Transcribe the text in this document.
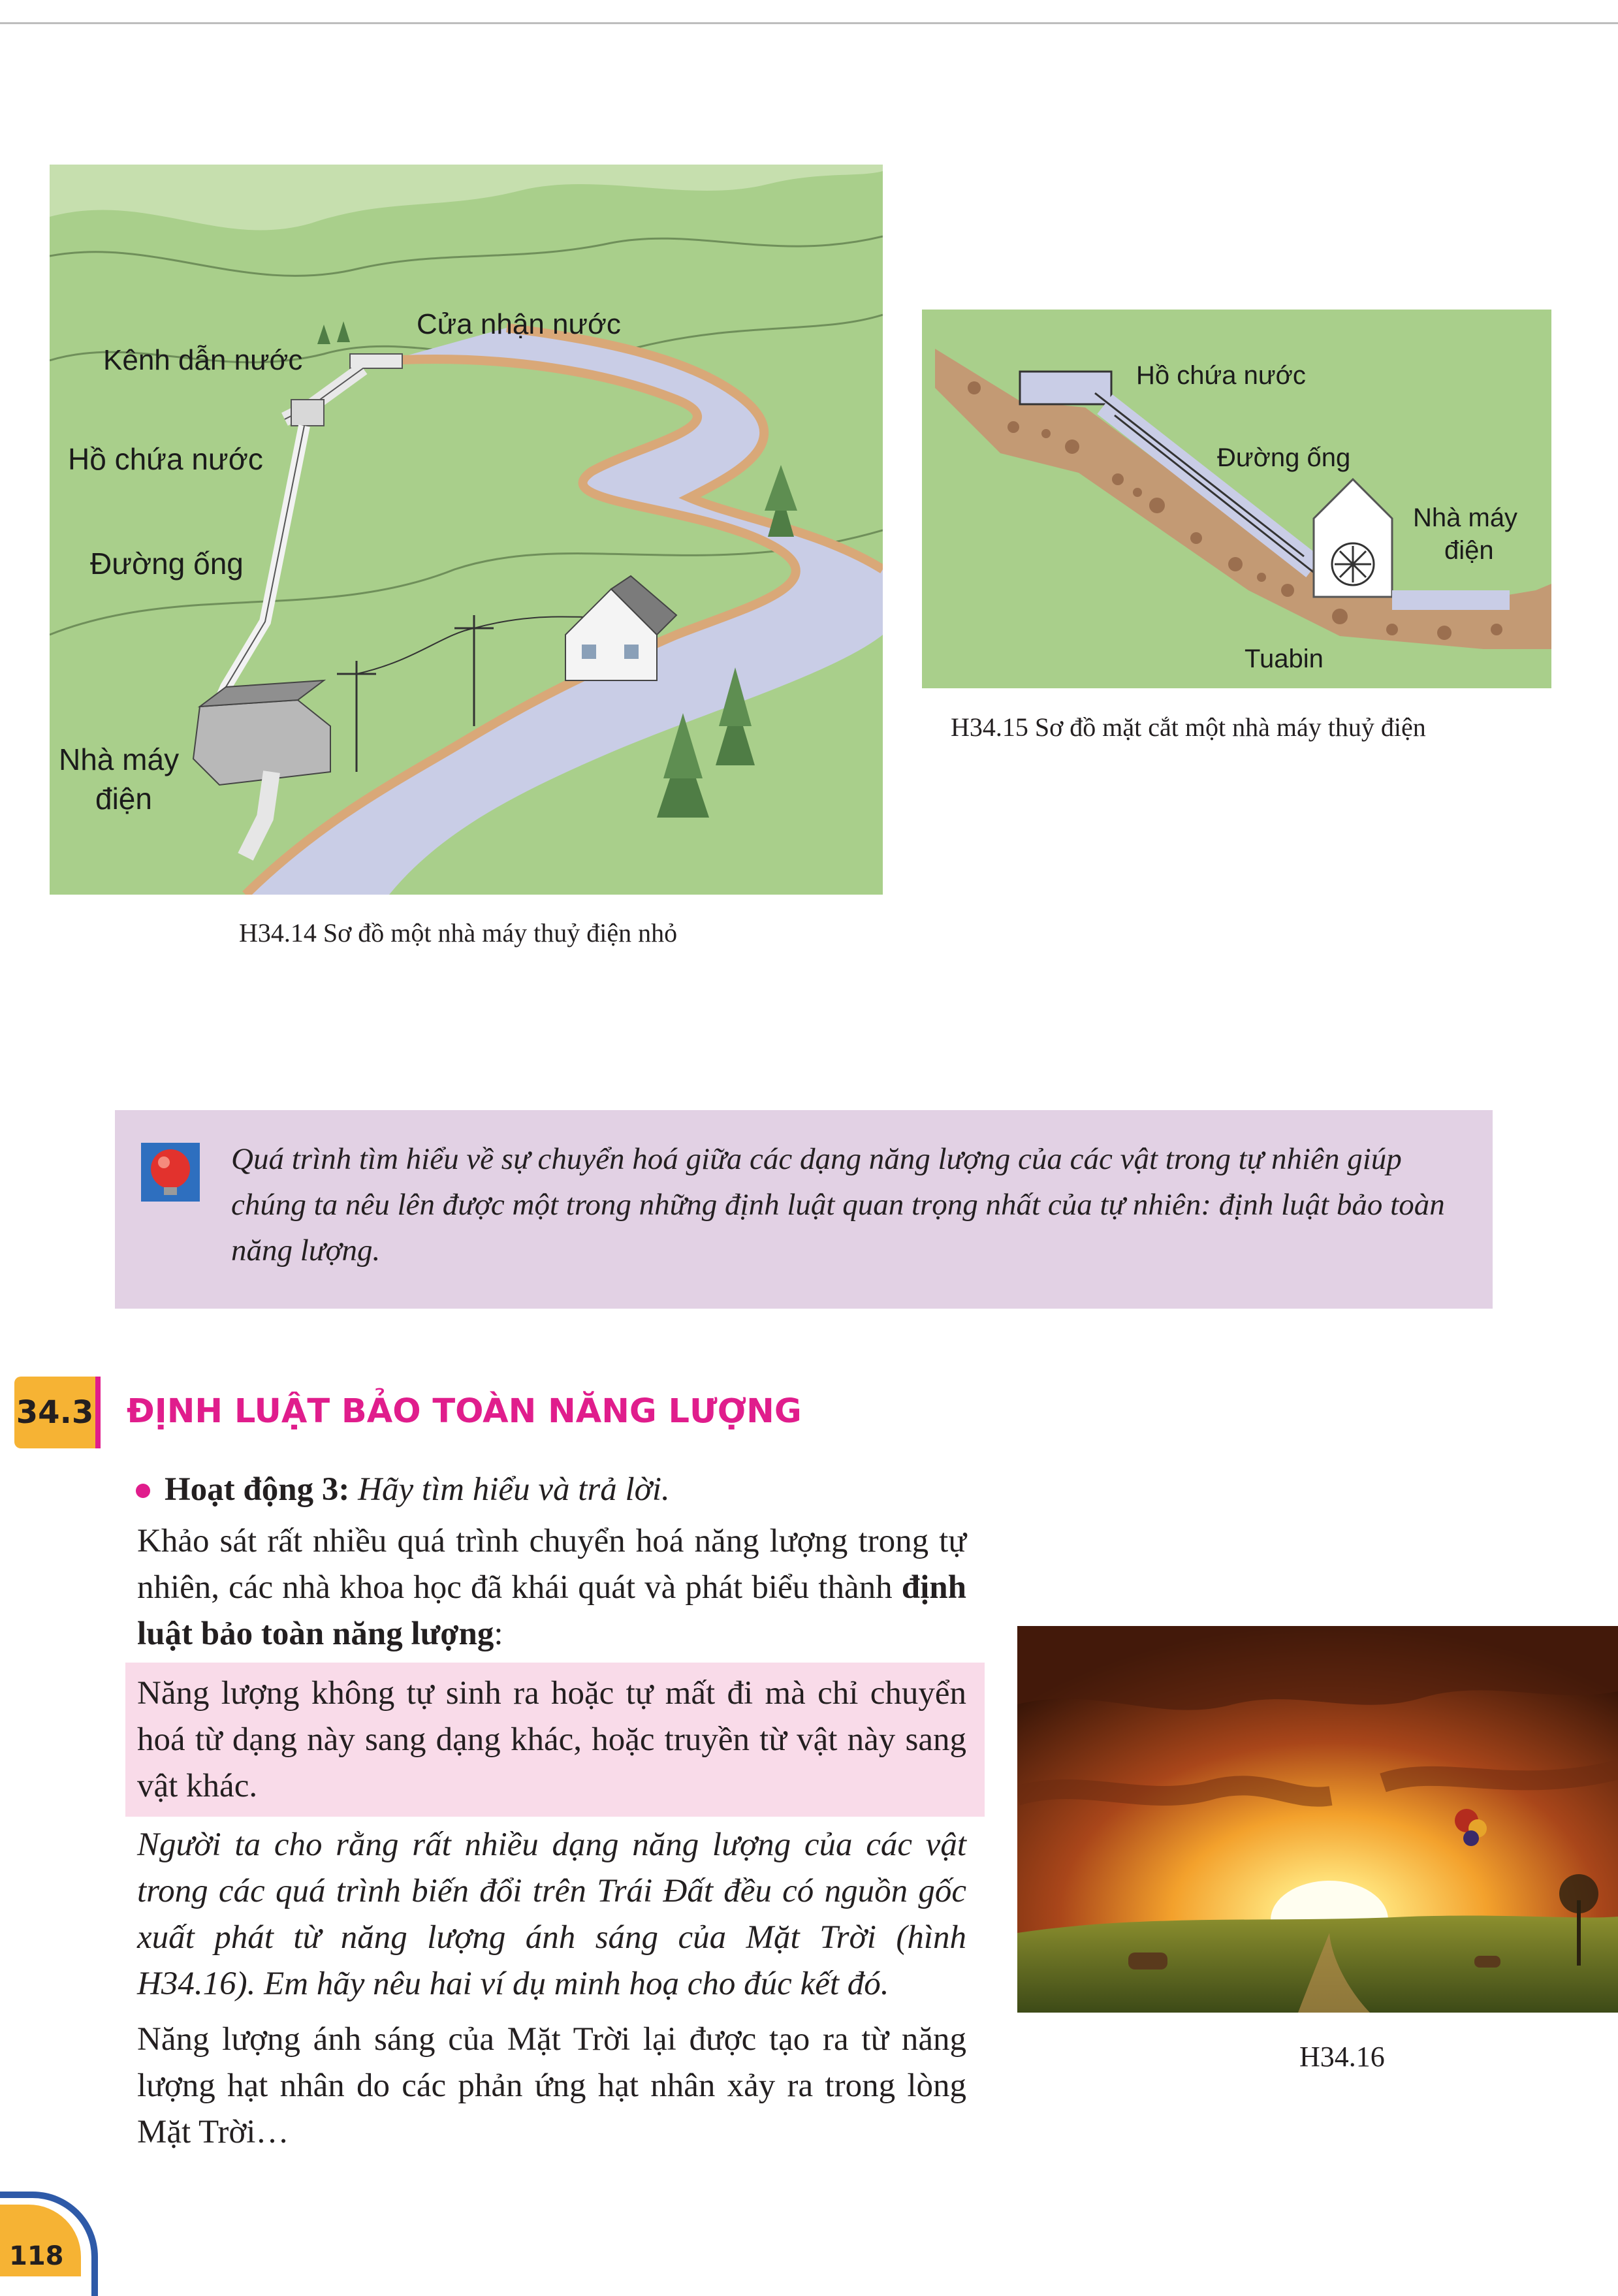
Kênh dẫn nước
Cửa nhận nước
Hồ chứa nước
Đường ống
Nhà máy
điện
H34.14 Sơ đồ một nhà máy thuỷ điện nhỏ
Hồ chứa nước
Đường ống
Nhà máy
điện
Tuabin
H34.15 Sơ đồ mặt cắt một nhà máy thuỷ điện
Quá trình tìm hiểu về sự chuyển hoá giữa các dạng năng lượng của các vật trong tự nhiên giúp chúng ta nêu lên được một trong những định luật quan trọng nhất của tự nhiên: định luật bảo toàn năng lượng.
34.3 ĐỊNH LUẬT BẢO TOÀN NĂNG LƯỢNG
Hoạt động 3: Hãy tìm hiểu và trả lời.
Khảo sát rất nhiều quá trình chuyển hoá năng lượng trong tự nhiên, các nhà khoa học đã khái quát và phát biểu thành định luật bảo toàn năng lượng:
Năng lượng không tự sinh ra hoặc tự mất đi mà chỉ chuyển hoá từ dạng này sang dạng khác, hoặc truyền từ vật này sang vật khác.
Người ta cho rằng rất nhiều dạng năng lượng của các vật trong các quá trình biến đổi trên Trái Đất đều có nguồn gốc xuất phát từ năng lượng ánh sáng của Mặt Trời (hình H34.16). Em hãy nêu hai ví dụ minh hoạ cho đúc kết đó.
Năng lượng ánh sáng của Mặt Trời lại được tạo ra từ năng lượng hạt nhân do các phản ứng hạt nhân xảy ra trong lòng Mặt Trời…
H34.16
118
